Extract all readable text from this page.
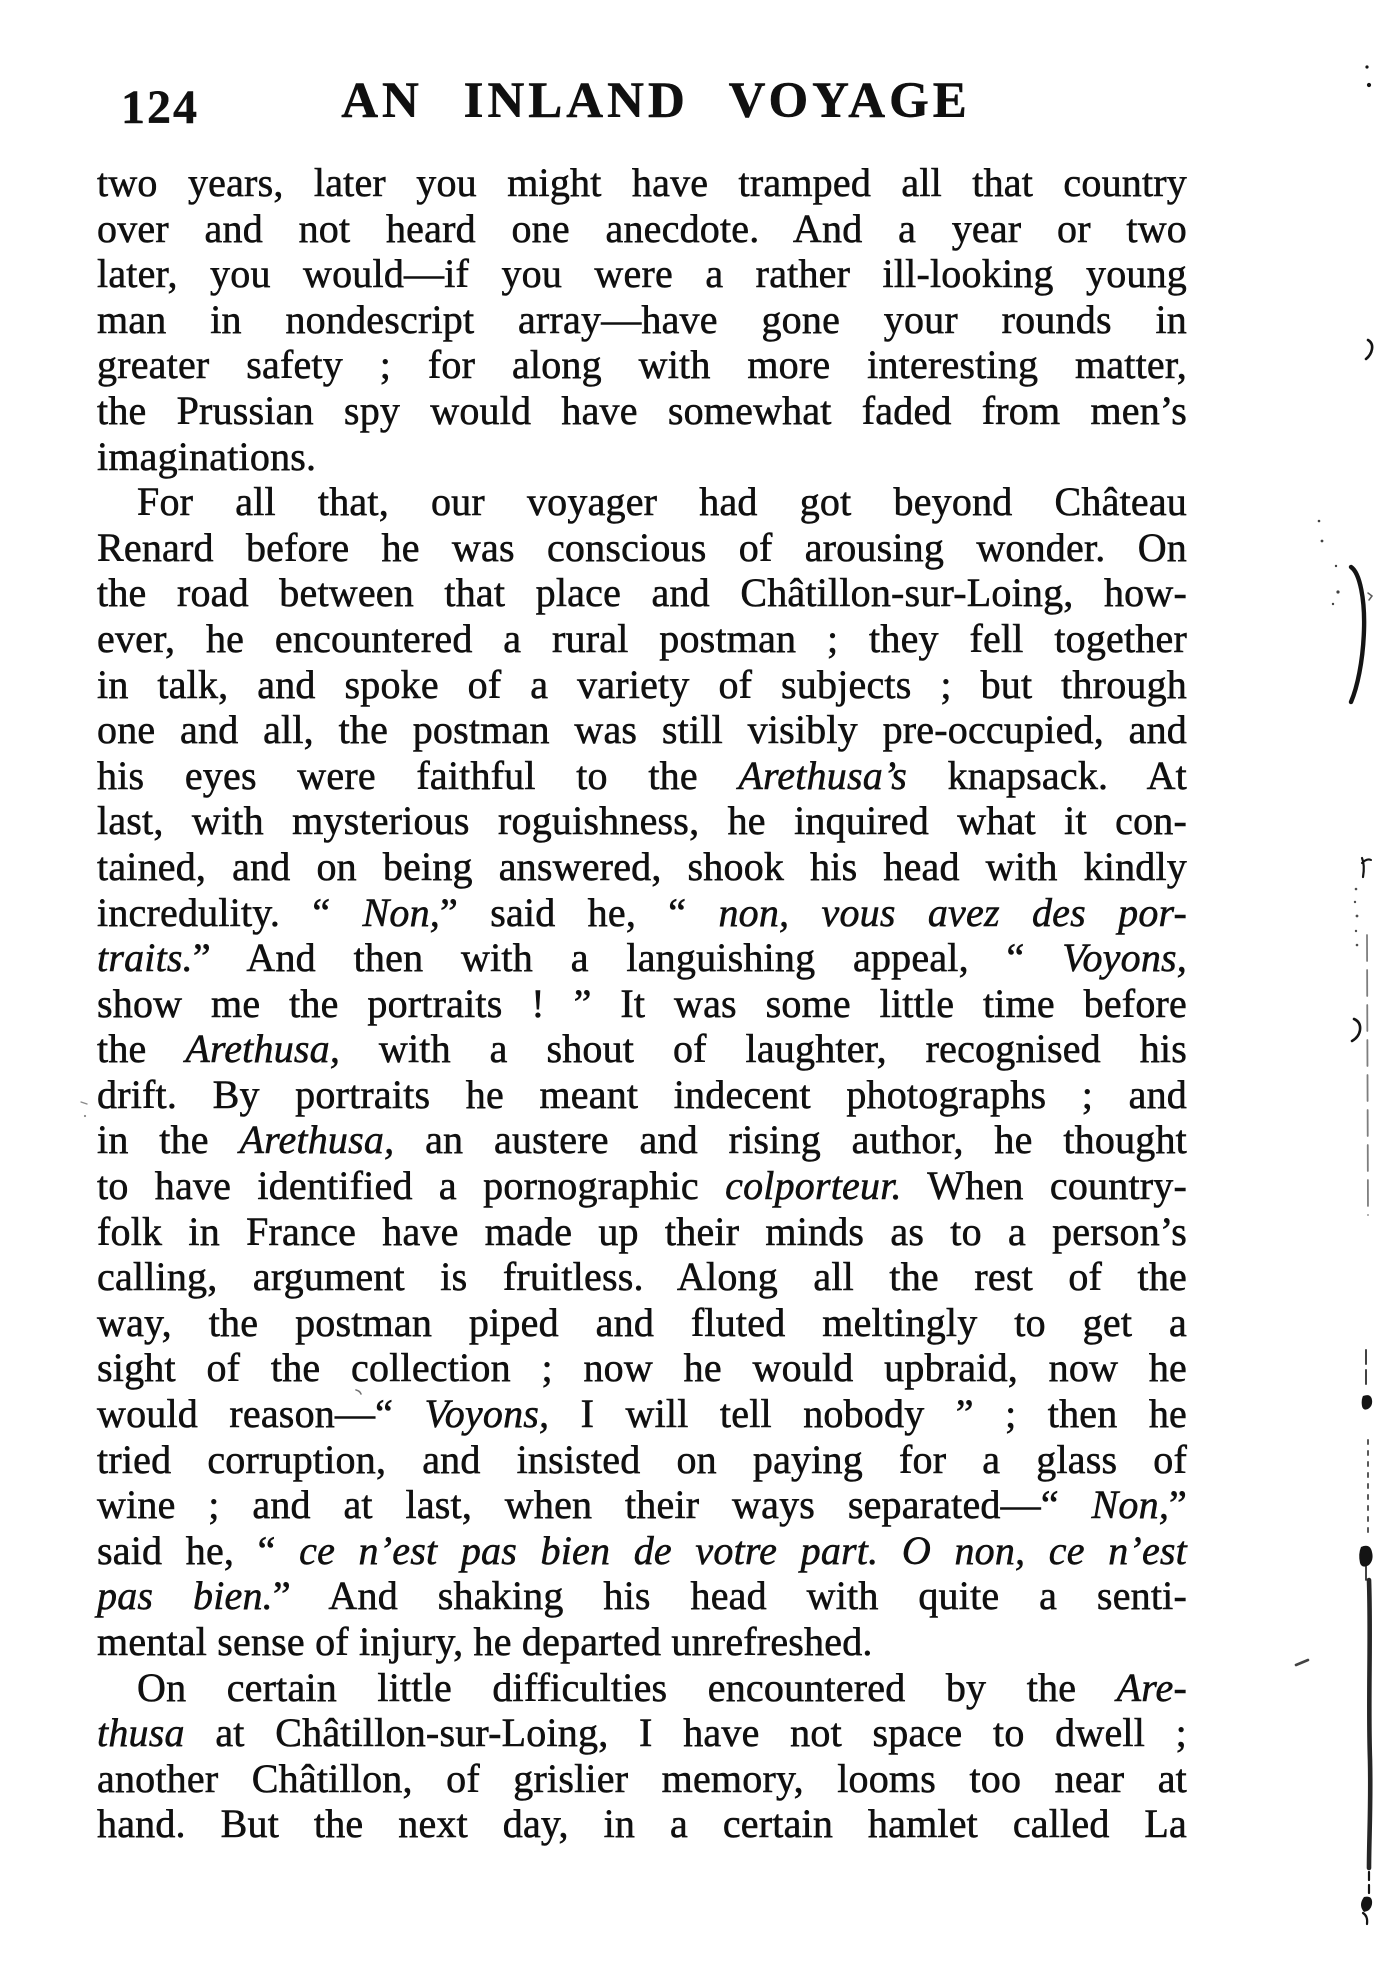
124	AN INLAND VOYAGE
two years, later you might have tramped all that country
over and not heard one anecdote. And a year or two
later, you would—if you were a rather ill-looking young
man in nondescript array—have gone your rounds in
greater safety ; for along with more interesting matter,
the Prussian spy would have somewhat faded from men’s
imaginations.
For all that, our voyager had got beyond Château
Renard before he was conscious of arousing wonder. On
the road between that place and Châtillon-sur-Loing, how-
ever, he encountered a rural postman ; they fell together
in talk, and spoke of a variety of subjects ; but through
one and all, the postman was still visibly pre-occupied, and
his eyes were faithful to the Arethusa’s knapsack. At
last, with mysterious roguishness, he inquired what it con-
tained, and on being answered, shook his head with kindly
incredulity. “ Non,” said he, “ non, vous avez des por-
traits.” And then with a languishing appeal, “ Voyons,
show me the portraits ! ” It was some little time before
the Arethusa, with a shout of laughter, recognised his
drift. By portraits he meant indecent photographs ; and
in the Arethusa, an austere and rising author, he thought
to have identified a pornographic colporteur. When country-
folk in France have made up their minds as to a person’s
calling, argument is fruitless. Along all the rest of the
way, the postman piped and fluted meltingly to get a
sight of the collection ; now he would upbraid, now he
would reason—“ Voyons, I will tell nobody ” ; then he
tried corruption, and insisted on paying for a glass of
wine ; and at last, when their ways separated—“ Non,”
said he, “ ce n’est pas bien de votre part. O non, ce n’est
pas bien.” And shaking his head with quite a senti-
mental sense of injury, he departed unrefreshed.
On certain little difficulties encountered by the Are-
thusa at Châtillon-sur-Loing, I have not space to dwell ;
another Châtillon, of grislier memory, looms too near at
hand. But the next day, in a certain hamlet called La
